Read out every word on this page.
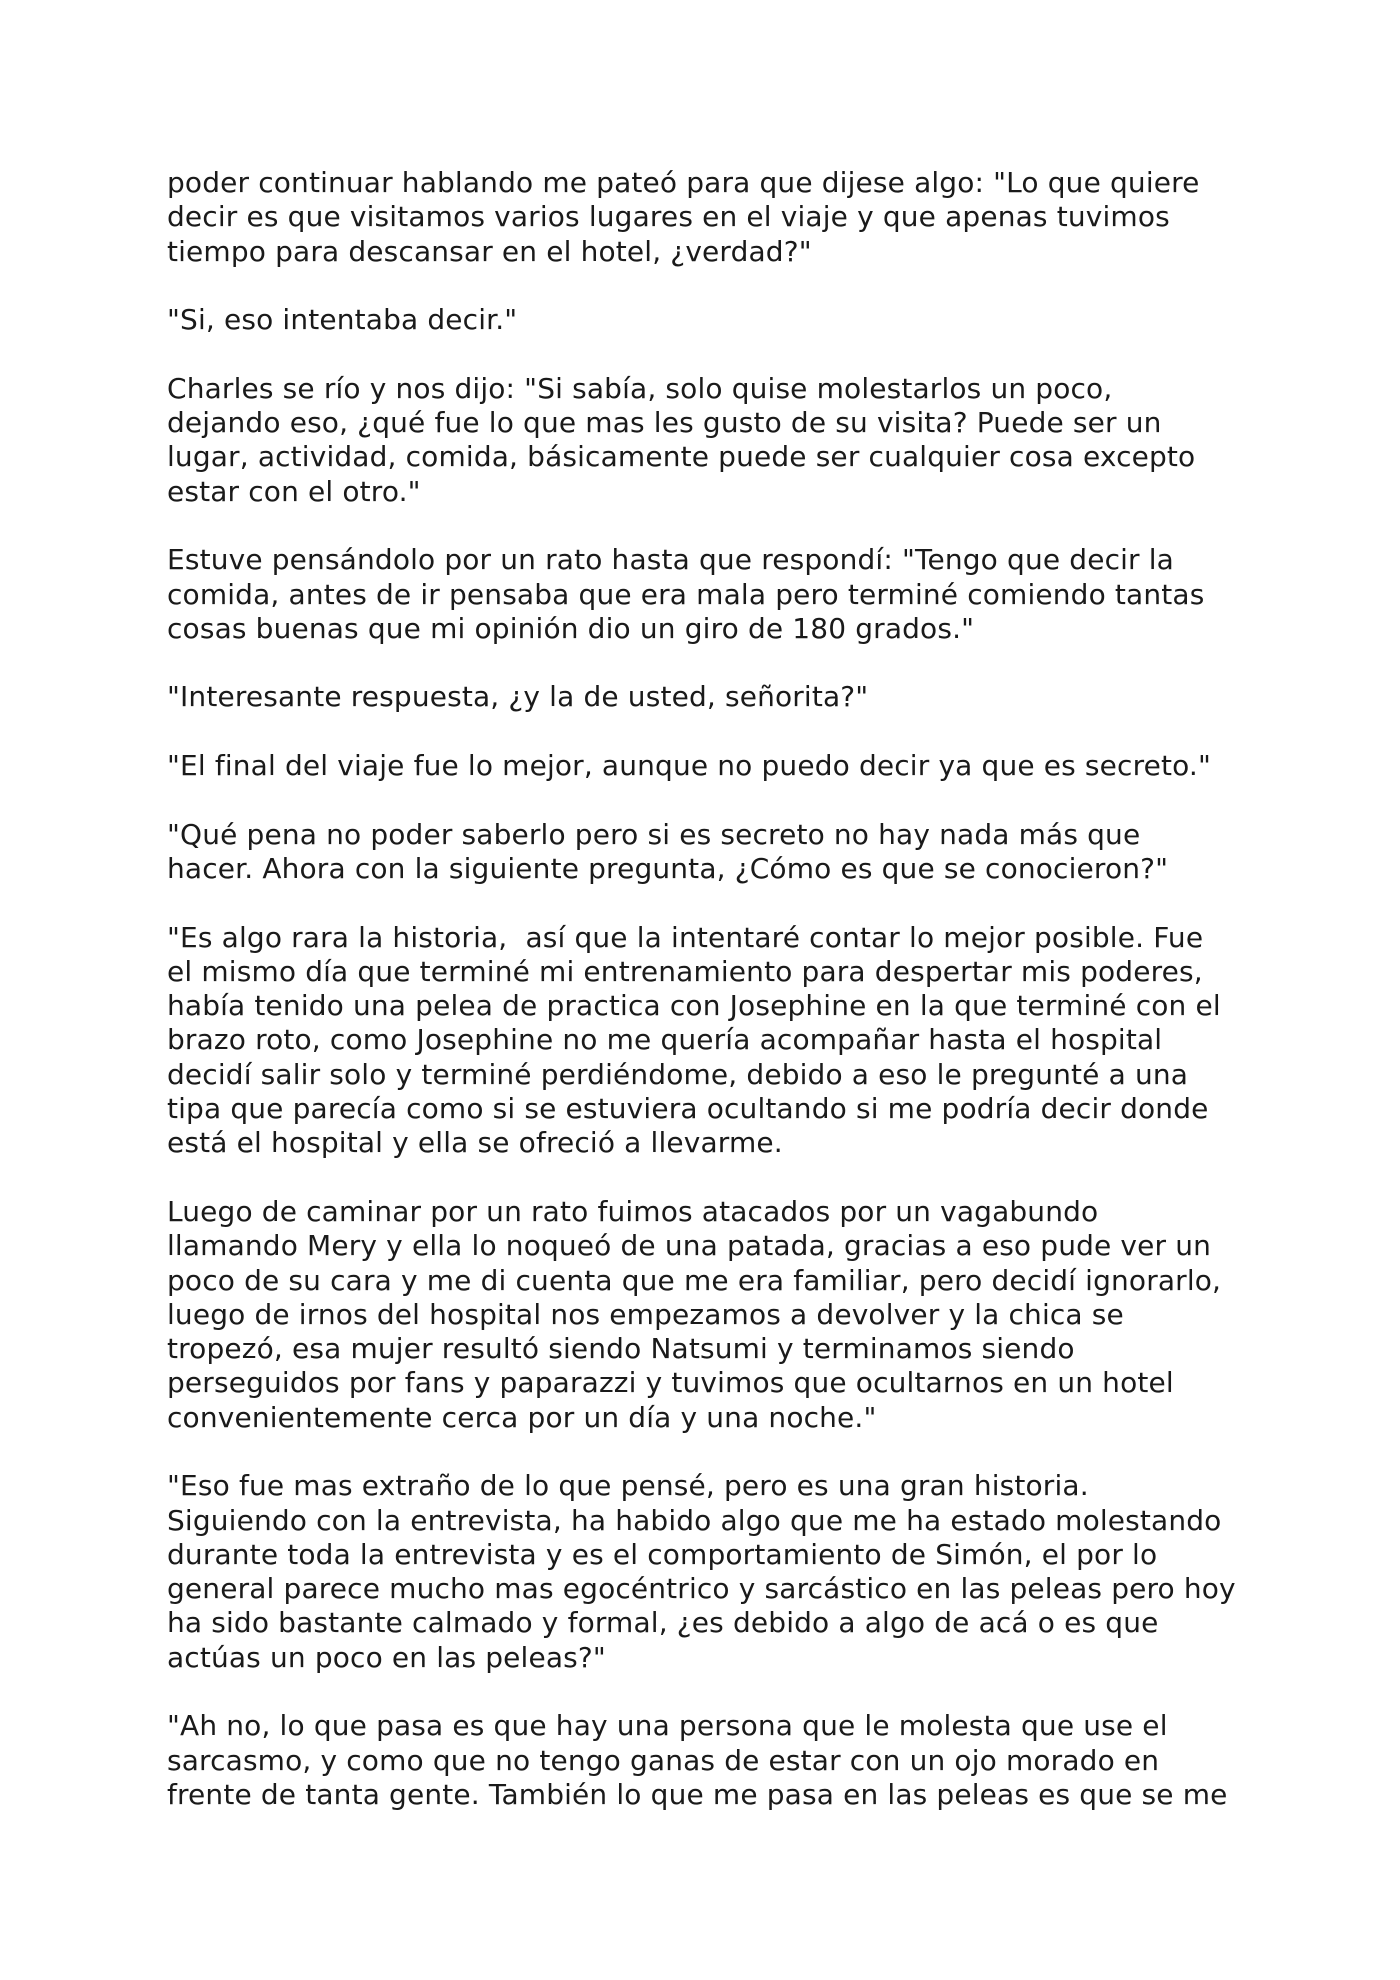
poder continuar hablando me pateó para que dijese algo: "Lo que quiere
decir es que visitamos varios lugares en el viaje y que apenas tuvimos
tiempo para descansar en el hotel, ¿verdad?"

"Si, eso intentaba decir."

Charles se río y nos dijo: "Si sabía, solo quise molestarlos un poco,
dejando eso, ¿qué fue lo que mas les gusto de su visita? Puede ser un
lugar, actividad, comida, básicamente puede ser cualquier cosa excepto
estar con el otro."

Estuve pensándolo por un rato hasta que respondí: "Tengo que decir la
comida, antes de ir pensaba que era mala pero terminé comiendo tantas
cosas buenas que mi opinión dio un giro de 180 grados."

"Interesante respuesta, ¿y la de usted, señorita?"

"El final del viaje fue lo mejor, aunque no puedo decir ya que es secreto."

"Qué pena no poder saberlo pero si es secreto no hay nada más que
hacer. Ahora con la siguiente pregunta, ¿Cómo es que se conocieron?"

"Es algo rara la historia,  así que la intentaré contar lo mejor posible. Fue
el mismo día que terminé mi entrenamiento para despertar mis poderes,
había tenido una pelea de practica con Josephine en la que terminé con el
brazo roto, como Josephine no me quería acompañar hasta el hospital
decidí salir solo y terminé perdiéndome, debido a eso le pregunté a una
tipa que parecía como si se estuviera ocultando si me podría decir donde
está el hospital y ella se ofreció a llevarme.

Luego de caminar por un rato fuimos atacados por un vagabundo
llamando Mery y ella lo noqueó de una patada, gracias a eso pude ver un
poco de su cara y me di cuenta que me era familiar, pero decidí ignorarlo,
luego de irnos del hospital nos empezamos a devolver y la chica se
tropezó, esa mujer resultó siendo Natsumi y terminamos siendo
perseguidos por fans y paparazzi y tuvimos que ocultarnos en un hotel
convenientemente cerca por un día y una noche."

"Eso fue mas extraño de lo que pensé, pero es una gran historia.
Siguiendo con la entrevista, ha habido algo que me ha estado molestando
durante toda la entrevista y es el comportamiento de Simón, el por lo
general parece mucho mas egocéntrico y sarcástico en las peleas pero hoy
ha sido bastante calmado y formal, ¿es debido a algo de acá o es que
actúas un poco en las peleas?"

"Ah no, lo que pasa es que hay una persona que le molesta que use el
sarcasmo, y como que no tengo ganas de estar con un ojo morado en
frente de tanta gente. También lo que me pasa en las peleas es que se me
